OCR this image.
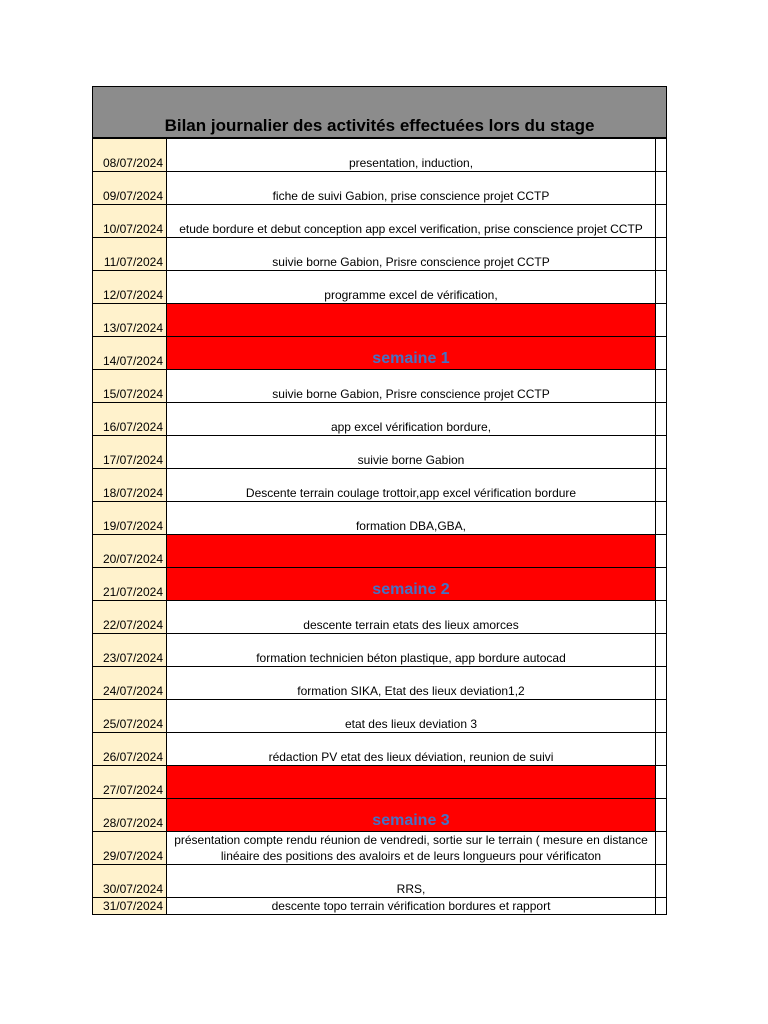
Bilan journalier des activités effectuées lors du stage
08/07/2024	presentation, induction,	
09/07/2024	fiche de suivi Gabion, prise conscience projet CCTP	
10/07/2024	etude bordure et debut conception app excel verification, prise conscience projet CCTP	
11/07/2024	suivie borne Gabion, Prisre conscience projet CCTP	
12/07/2024	programme excel de vérification,	
13/07/2024		
14/07/2024	semaine 1	
15/07/2024	suivie borne Gabion, Prisre conscience projet CCTP	
16/07/2024	app excel vérification bordure,	
17/07/2024	suivie borne Gabion	
18/07/2024	Descente terrain coulage trottoir,app excel vérification bordure	
19/07/2024	formation DBA,GBA,	
20/07/2024		
21/07/2024	semaine 2	
22/07/2024	descente terrain etats des lieux amorces	
23/07/2024	formation technicien béton plastique, app bordure autocad	
24/07/2024	formation SIKA, Etat des lieux deviation1,2	
25/07/2024	etat des lieux deviation 3	
26/07/2024	rédaction PV etat des lieux déviation, reunion de suivi	
27/07/2024		
28/07/2024	semaine 3	
29/07/2024	présentation compte rendu réunion de vendredi, sortie sur le terrain ( mesure en distance linéaire des positions des avaloirs et de leurs longueurs pour vérificaton	
30/07/2024	RRS,	
31/07/2024	descente topo terrain vérification bordures et rapport	
